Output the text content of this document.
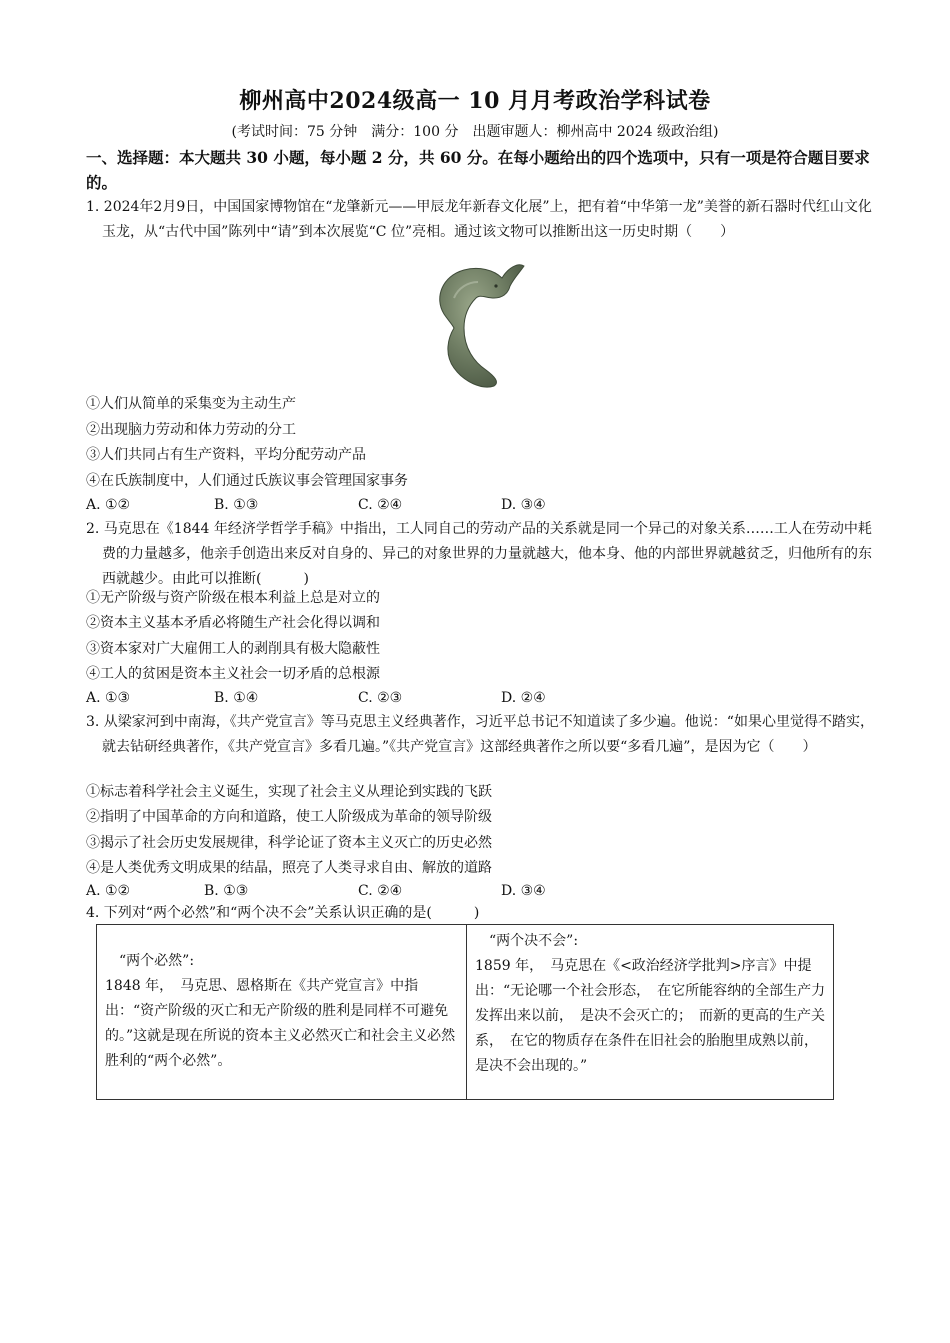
柳州高中2024级高一 10 月月考政治学科试卷
(考试时间：75 分钟　满分：100 分　出题审题人：柳州高中 2024 级政治组)
一、选择题：本大题共 30 小题，每小题 2 分，共 60 分。在每小题给出的四个选项中，只有一项是符合题目要求的。
1. 2024年2月9日，中国国家博物馆在“龙肇新元——甲辰龙年新春文化展”上，把有着“中华第一龙”美誉的新石器时代红山文化玉龙，从“古代中国”陈列中“请”到本次展览“C 位”亮相。通过该文物可以推断出这一历史时期（　　）
①人们从简单的采集变为主动生产
②出现脑力劳动和体力劳动的分工
③人们共同占有生产资料，平均分配劳动产品
④在氏族制度中，人们通过氏族议事会管理国家事务
A. ①②	B. ①③	C. ②④	D. ③④
2. 马克思在《1844 年经济学哲学手稿》中指出，工人同自己的劳动产品的关系就是同一个异己的对象关系……工人在劳动中耗费的力量越多，他亲手创造出来反对自身的、异己的对象世界的力量就越大，他本身、他的内部世界就越贫乏，归他所有的东西就越少。由此可以推断(　　　)
①无产阶级与资产阶级在根本利益上总是对立的
②资本主义基本矛盾必将随生产社会化得以调和
③资本家对广大雇佣工人的剥削具有极大隐蔽性
④工人的贫困是资本主义社会一切矛盾的总根源
A. ①③	B. ①④	C. ②③	D. ②④
3. 从梁家河到中南海，《共产党宣言》等马克思主义经典著作，习近平总书记不知道读了多少遍。他说：“如果心里觉得不踏实，就去钻研经典著作，《共产党宣言》多看几遍。”《共产党宣言》这部经典著作之所以要“多看几遍”，是因为它（　　）
①标志着科学社会主义诞生，实现了社会主义从理论到实践的飞跃
②指明了中国革命的方向和道路，使工人阶级成为革命的领导阶级
③揭示了社会历史发展规律，科学论证了资本主义灭亡的历史必然
④是人类优秀文明成果的结晶，照亮了人类寻求自由、解放的道路
A. ①②	B. ①③	C. ②④	D. ③④
4. 下列对“两个必然”和“两个决不会”关系认识正确的是(　　　)
“两个必然”:
1848 年，　马克思、恩格斯在《共产党宣言》中指出：“资产阶级的灭亡和无产阶级的胜利是同样不可避免的。”这就是现在所说的资本主义必然灭亡和社会主义必然胜利的“两个必然”。
“两个决不会”:
1859 年，　马克思在《<政治经济学批判>序言》中提出：“无论哪一个社会形态，　在它所能容纳的全部生产力发挥出来以前，　是决不会灭亡的；　而新的更高的生产关系，　在它的物质存在条件在旧社会的胎胞里成熟以前，　是决不会出现的。”
